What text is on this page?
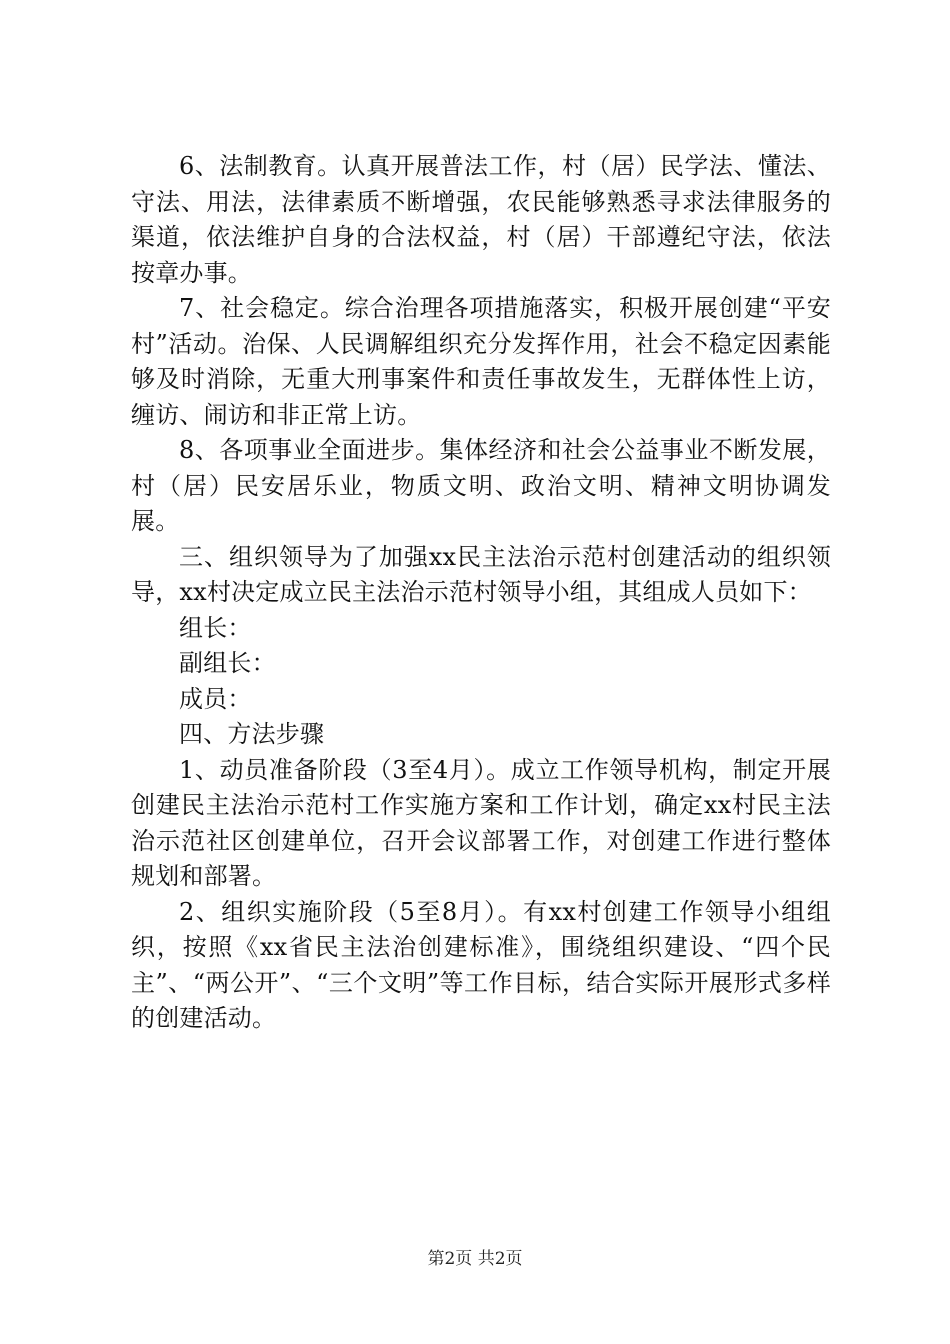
6、法制教育。认真开展普法工作，村（居）民学法、懂法、守法、用法，法律素质不断增强，农民能够熟悉寻求法律服务的渠道，依法维护自身的合法权益，村（居）干部遵纪守法，依法按章办事。

7、社会稳定。综合治理各项措施落实，积极开展创建“平安村”活动。治保、人民调解组织充分发挥作用，社会不稳定因素能够及时消除，无重大刑事案件和责任事故发生，无群体性上访，缠访、闹访和非正常上访。

8、各项事业全面进步。集体经济和社会公益事业不断发展，村（居）民安居乐业，物质文明、政治文明、精神文明协调发展。

三、组织领导为了加强xx民主法治示范村创建活动的组织领导，xx村决定成立民主法治示范村领导小组，其组成人员如下：

组长：

副组长：

成员：

四、方法步骤

1、动员准备阶段（3至4月）。成立工作领导机构，制定开展创建民主法治示范村工作实施方案和工作计划，确定xx村民主法治示范社区创建单位，召开会议部署工作，对创建工作进行整体规划和部署。

2、组织实施阶段（5至8月）。有xx村创建工作领导小组组织，按照《xx省民主法治创建标准》，围绕组织建设、“四个民主”、“两公开”、“三个文明”等工作目标，结合实际开展形式多样的创建活动。

第2页 共2页
